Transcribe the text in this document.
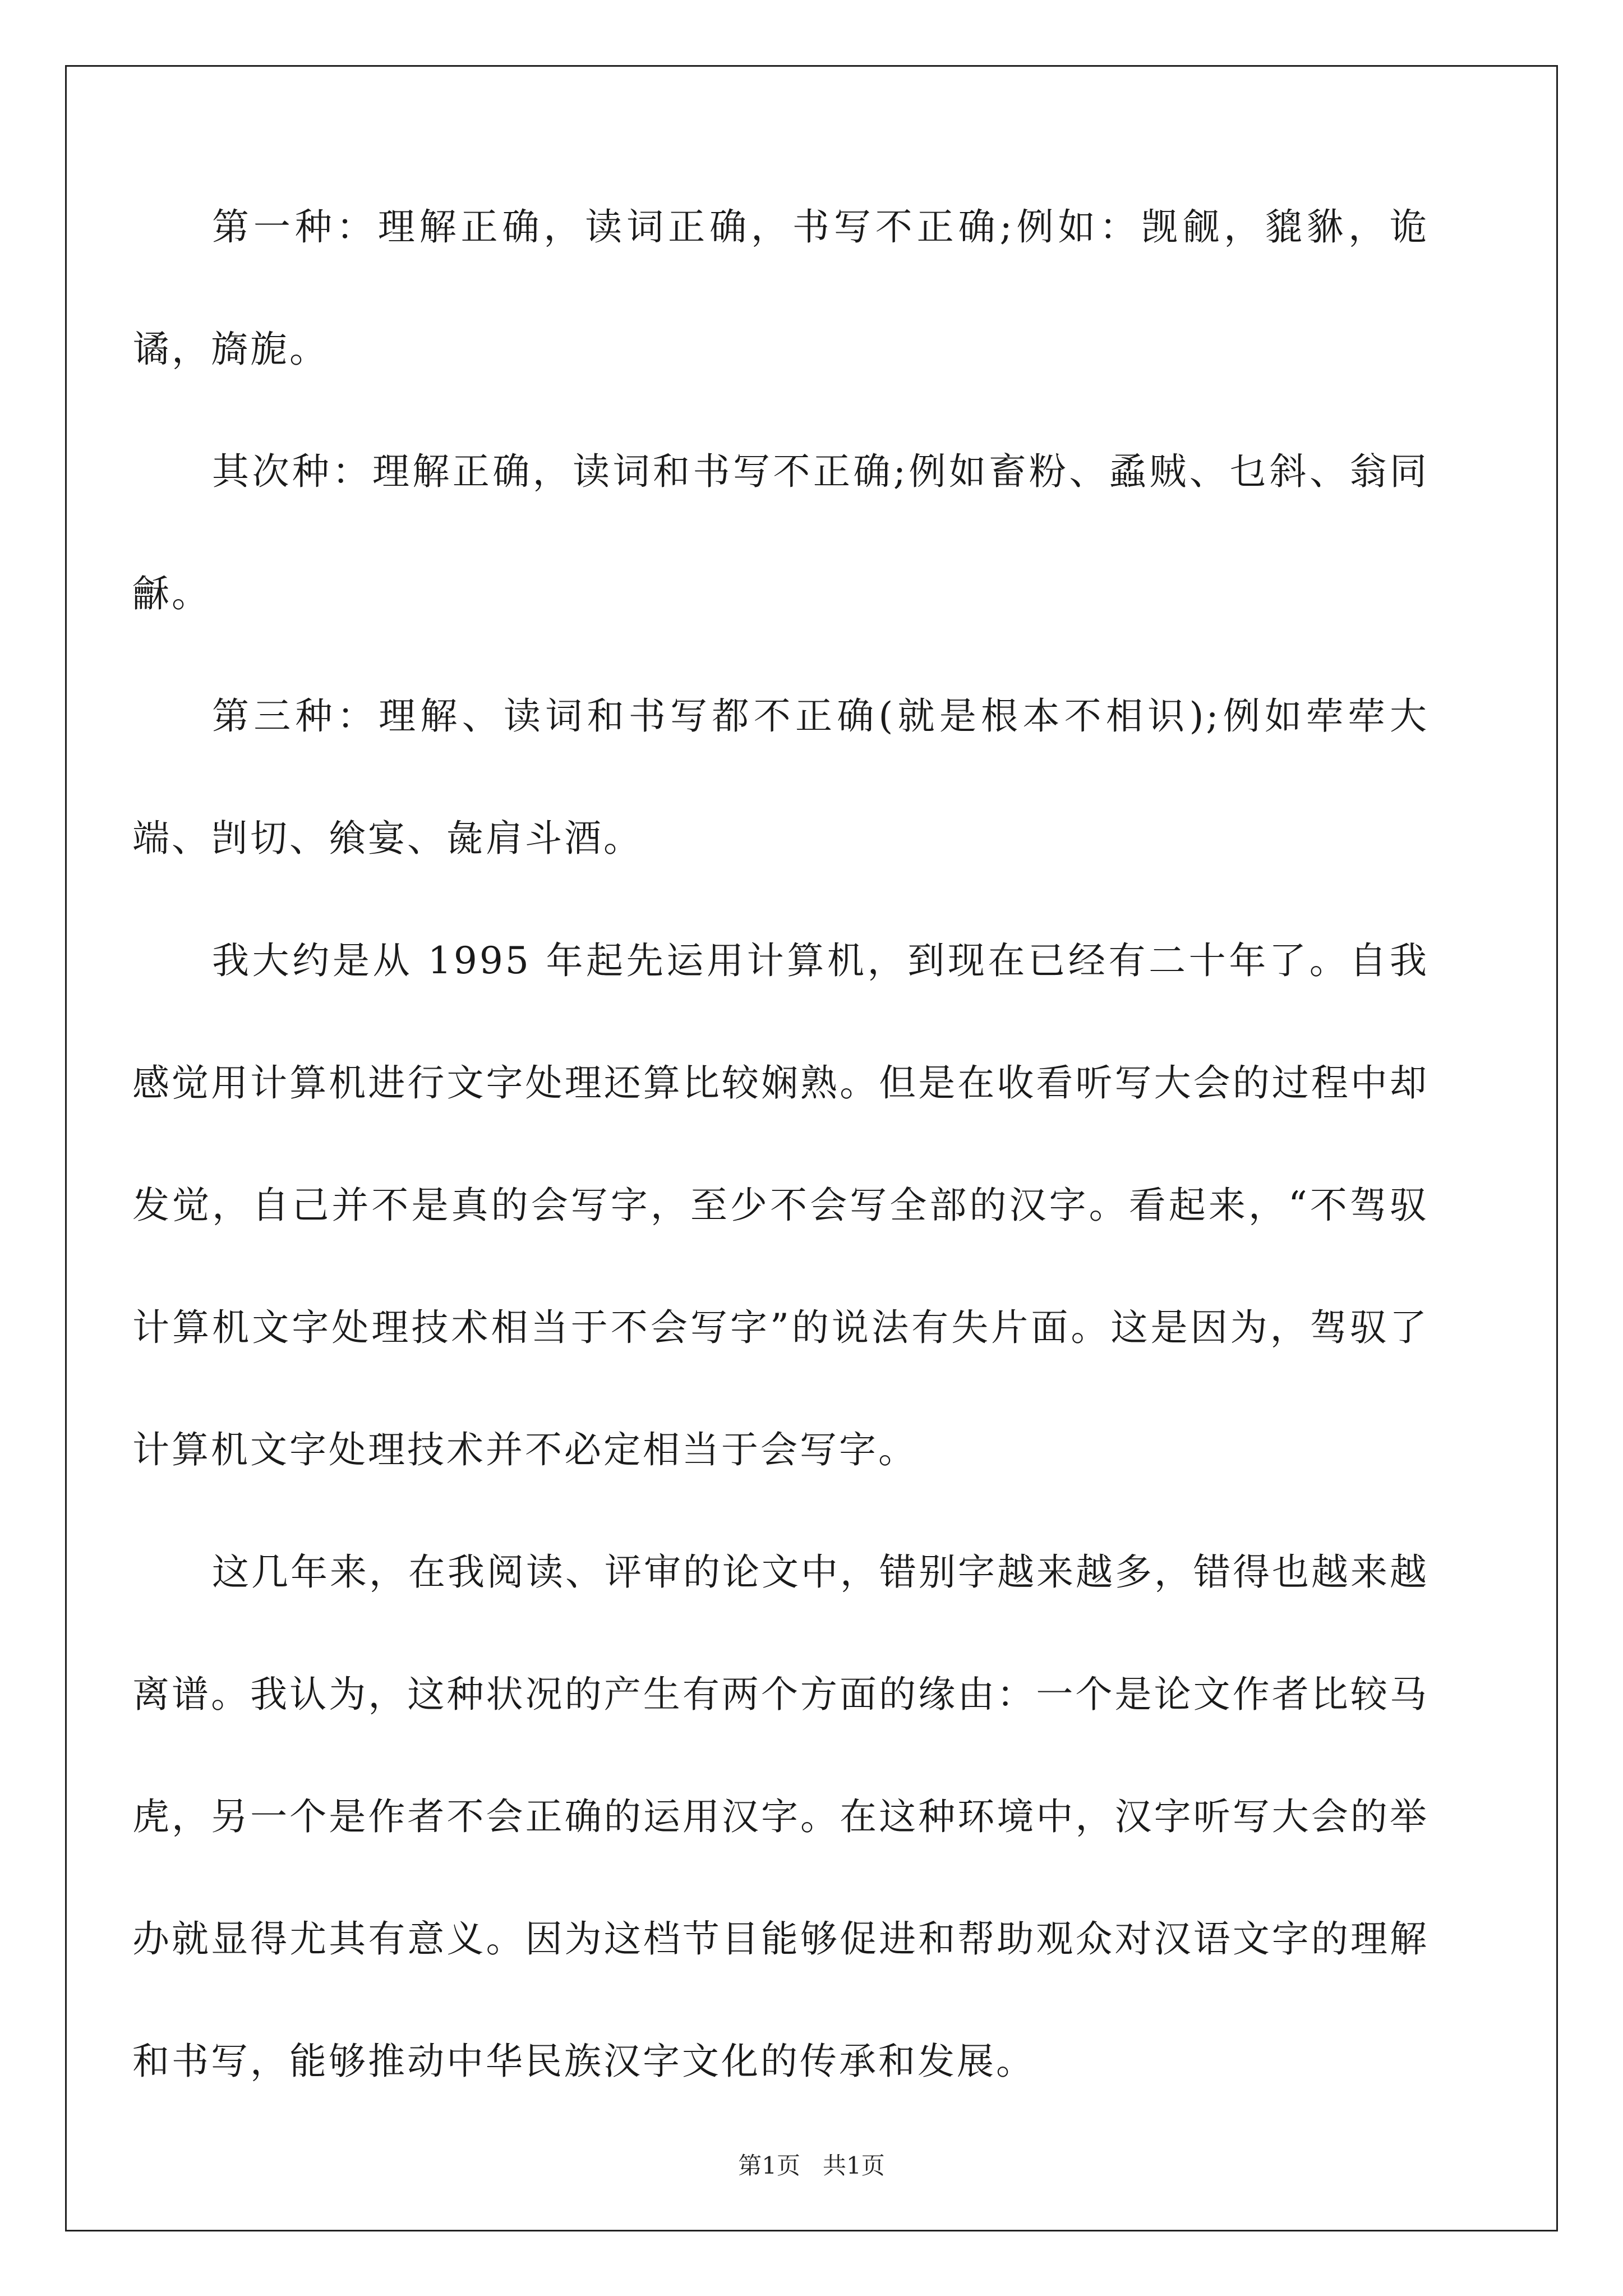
第一种：理解正确，读词正确，书写不正确;例如：觊觎，貔貅，诡谲，旖旎。

其次种：理解正确，读词和书写不正确;例如畜粉、蟊贼、乜斜、翁同龢。

第三种：理解、读词和书写都不正确(就是根本不相识);例如荦荦大端、剀切、飨宴、彘肩斗酒。

我大约是从 1995 年起先运用计算机，到现在已经有二十年了。自我感觉用计算机进行文字处理还算比较娴熟。但是在收看听写大会的过程中却发觉，自己并不是真的会写字，至少不会写全部的汉字。看起来，“不驾驭计算机文字处理技术相当于不会写字”的说法有失片面。这是因为，驾驭了计算机文字处理技术并不必定相当于会写字。

这几年来，在我阅读、评审的论文中，错别字越来越多，错得也越来越离谱。我认为，这种状况的产生有两个方面的缘由：一个是论文作者比较马虎，另一个是作者不会正确的运用汉字。在这种环境中，汉字听写大会的举办就显得尤其有意义。因为这档节目能够促进和帮助观众对汉语文字的理解和书写，能够推动中华民族汉字文化的传承和发展。

第1页   共1页
